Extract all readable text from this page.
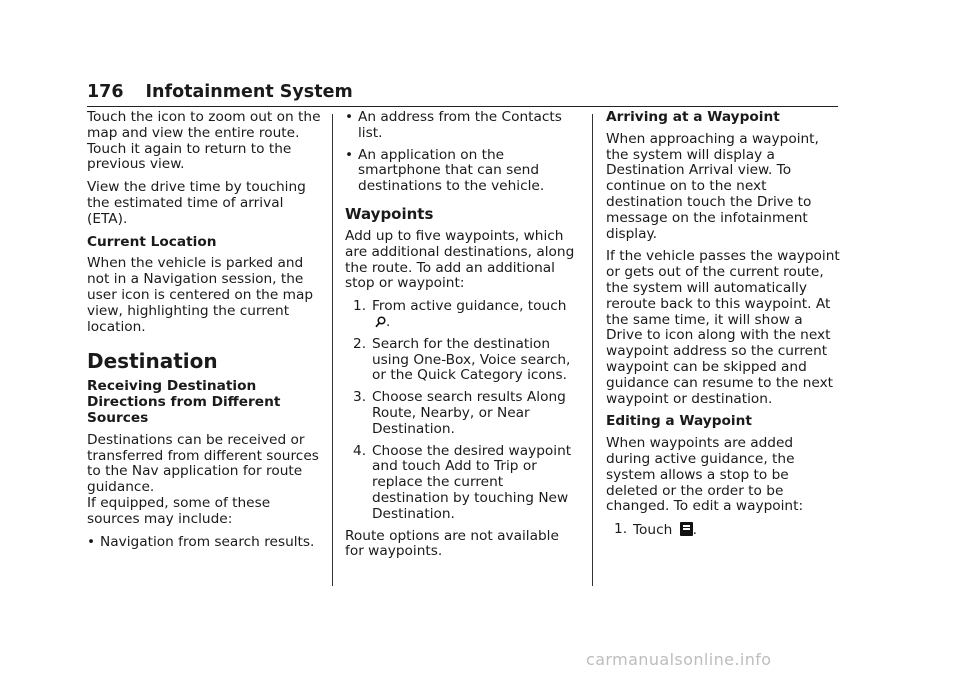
176 Infotainment System

Touch the icon to zoom out on the map and view the entire route. Touch it again to return to the previous view.

View the drive time by touching the estimated time of arrival (ETA).

Current Location

When the vehicle is parked and not in a Navigation session, the user icon is centered on the map view, highlighting the current location.

Destination

Receiving Destination Directions from Different Sources

Destinations can be received or transferred from different sources to the Nav application for route guidance.

If equipped, some of these sources may include:

• Navigation from search results.
• An address from the Contacts list.
• An application on the smartphone that can send destinations to the vehicle.
Waypoints

Add up to five waypoints, which are additional destinations, along the route. To add an additional stop or waypoint:

1. From active guidance, touch .
2. Search for the destination using One-Box, Voice search, or the Quick Category icons.
3. Choose search results Along Route, Nearby, or Near Destination.
4. Choose the desired waypoint and touch Add to Trip or replace the current destination by touching New Destination.

Route options are not available for waypoints.

Arriving at a Waypoint

When approaching a waypoint, the system will display a Destination Arrival view. To continue on to the next destination touch the Drive to message on the infotainment display.

If the vehicle passes the waypoint or gets out of the current route, the system will automatically reroute back to this waypoint. At the same time, it will show a Drive to icon along with the next waypoint address so the current waypoint can be skipped and guidance can resume to the next waypoint or destination.

Editing a Waypoint

When waypoints are added during active guidance, the system allows a stop to be deleted or the order to be changed. To edit a waypoint:

1. Touch .
carmanualsonline.info
